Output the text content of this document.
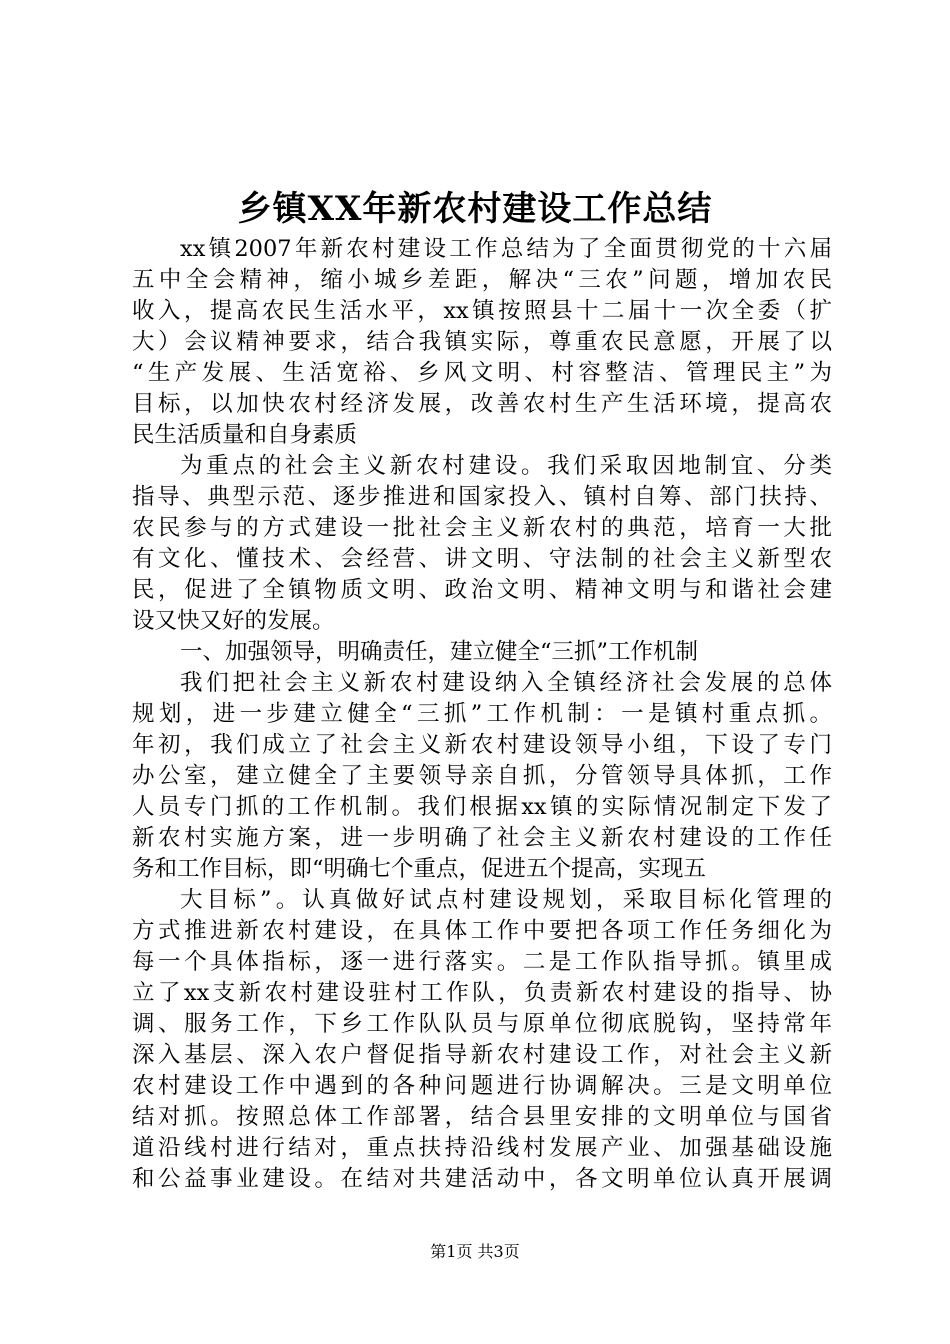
乡镇XX年新农村建设工作总结
xx镇2007年新农村建设工作总结为了全面贯彻党的十六届
五中全会精神，缩小城乡差距，解决“三农”问题，增加农民
收入，提高农民生活水平，xx镇按照县十二届十一次全委（扩
大）会议精神要求，结合我镇实际，尊重农民意愿，开展了以
“生产发展、生活宽裕、乡风文明、村容整洁、管理民主”为
目标，以加快农村经济发展，改善农村生产生活环境，提高农
民生活质量和自身素质
为重点的社会主义新农村建设。我们采取因地制宜、分类
指导、典型示范、逐步推进和国家投入、镇村自筹、部门扶持、
农民参与的方式建设一批社会主义新农村的典范，培育一大批
有文化、懂技术、会经营、讲文明、守法制的社会主义新型农
民，促进了全镇物质文明、政治文明、精神文明与和谐社会建
设又快又好的发展。
一、加强领导，明确责任，建立健全“三抓”工作机制
我们把社会主义新农村建设纳入全镇经济社会发展的总体
规划，进一步建立健全“三抓”工作机制：一是镇村重点抓。
年初，我们成立了社会主义新农村建设领导小组，下设了专门
办公室，建立健全了主要领导亲自抓，分管领导具体抓，工作
人员专门抓的工作机制。我们根据xx镇的实际情况制定下发了
新农村实施方案，进一步明确了社会主义新农村建设的工作任
务和工作目标，即“明确七个重点，促进五个提高，实现五
大目标”。认真做好试点村建设规划，采取目标化管理的
方式推进新农村建设，在具体工作中要把各项工作任务细化为
每一个具体指标，逐一进行落实。二是工作队指导抓。镇里成
立了xx支新农村建设驻村工作队，负责新农村建设的指导、协
调、服务工作，下乡工作队队员与原单位彻底脱钩，坚持常年
深入基层、深入农户督促指导新农村建设工作，对社会主义新
农村建设工作中遇到的各种问题进行协调解决。三是文明单位
结对抓。按照总体工作部署，结合县里安排的文明单位与国省
道沿线村进行结对，重点扶持沿线村发展产业、加强基础设施
和公益事业建设。在结对共建活动中，各文明单位认真开展调
第1页 共3页
